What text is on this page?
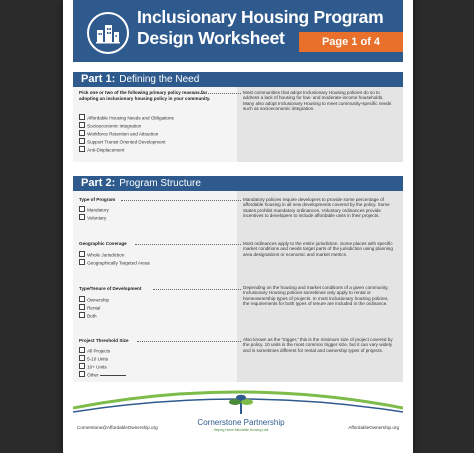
Inclusionary Housing Program
Design Worksheet	Page 1 of 4
Part 1: Defining the Need
Pick one or two of the following primary policy reasons for adopting an inclusionary housing policy in your community.
Affordable Housing Needs and Obligations
Socioeconomic Integration
Workforce Retention and Attraction
Support Transit Oriented Development
Anti-Displacement
Most communities that adopt Inclusionary Housing policies do so to address a lack of housing for low- and moderate-income households. Many also adopt Inclusionary Housing to meet community-specific needs such as socioeconomic integration.
Part 2: Program Structure
Type of Program
Mandatory
Voluntary
Mandatory policies require developers to provide some percentage of affordable housing in all new developments covered by the policy. Some States prohibit mandatory ordinances. Voluntary ordinances provide incentives to developers to include affordable units in their projects.
Geographic Coverage
Whole Jurisdiction
Geographically Targeted Areas
Most ordinances apply to the entire jurisdiction. Some places with specific market conditions and needs target parts of the jurisdiction using planning area designations or economic and market metrics.
Type/Tenure of Development
Ownership
Rental
Both
Depending on the housing and market conditions of a given community, Inclusionary Housing policies sometimes only apply to rental or homeownership types of projects. In most inclusionary housing policies, the requirements for both types of tenure are included in the ordinance.
Project Threshold Size
All Projects
5-10 Units
10+ Units
Other
Also known as the “trigger,” this is the minimum size of project covered by the policy. 10 units is the most common trigger size, but it can vary widely and is sometimes different for rental and ownership types of projects.
Cornerstone Partnership
Helping Home Affordable Housing Last
Cornerstone@AffordableOwnership.org	AffordableOwnership.org
